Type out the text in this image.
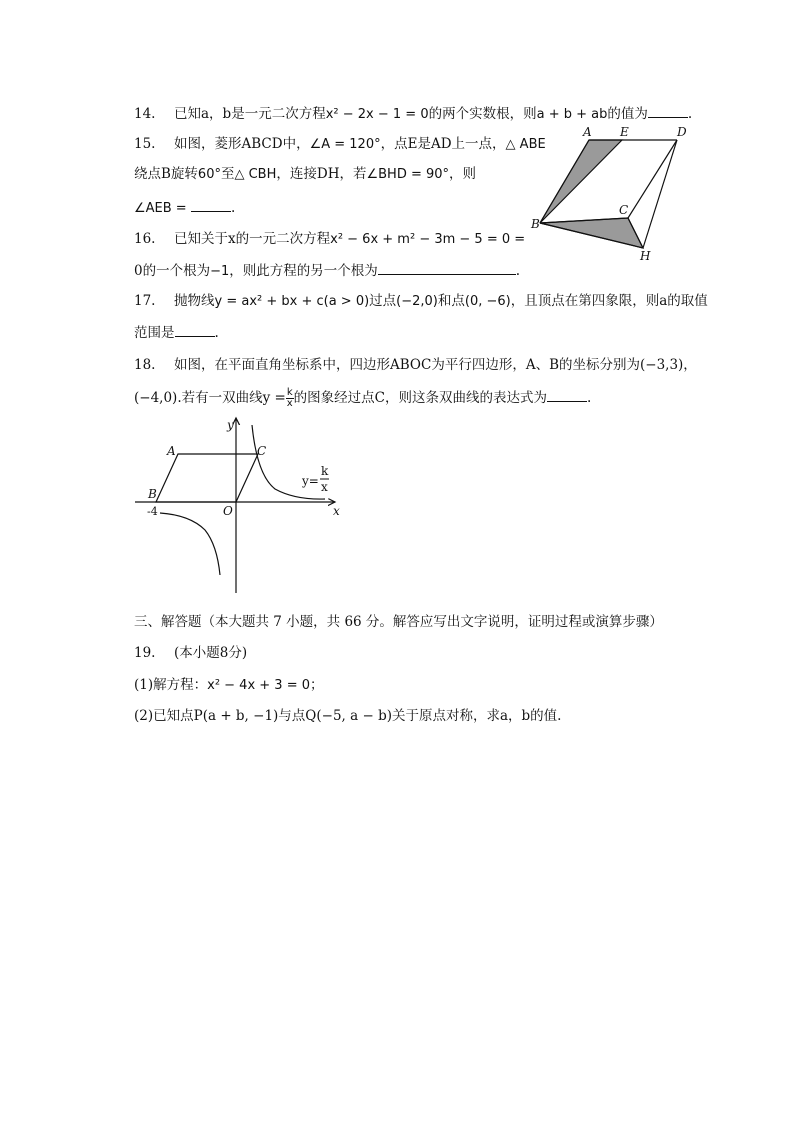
14. 已知a，b是一元二次方程x² − 2x − 1 = 0的两个实数根，则a + b + ab的值为	.
15. 如图，菱形ABCD中，∠A = 120°，点E是AD上一点，△ ABE
绕点B旋转60°至△ CBH，连接DH，若∠BHD = 90°，则
∠AEB =	.
A E	D
B
C
H
16. 已知关于x的一元二次方程x² − 6x + m² − 3m − 5 = 0 =
0的一个根为−1，则此方程的另一个根为	.
17. 抛物线y = ax² + bx + c(a > 0)过点(−2,0)和点(0, −6)，且顶点在第四象限，则a的取值
范围是	.
18. 如图，在平面直角坐标系中，四边形ABOC为平行四边形，A、B的坐标分别为(−3,3)，
(−4,0).若有一双曲线$y = \frac{k}{x}$ 的图象经过点C，则这条双曲线的表达式为	.
y
x
A	C
B
O
-4
y=
k
x
三、解答题（本大题共 7 小题，共 66 分。解答应写出文字说明，证明过程或演算步骤）
19. (本小题8分)
(1)解方程：x² − 4x + 3 = 0；
(2)已知点P(a + b, −1)与点Q(−5, a − b)关于原点对称，求a，b的值.
